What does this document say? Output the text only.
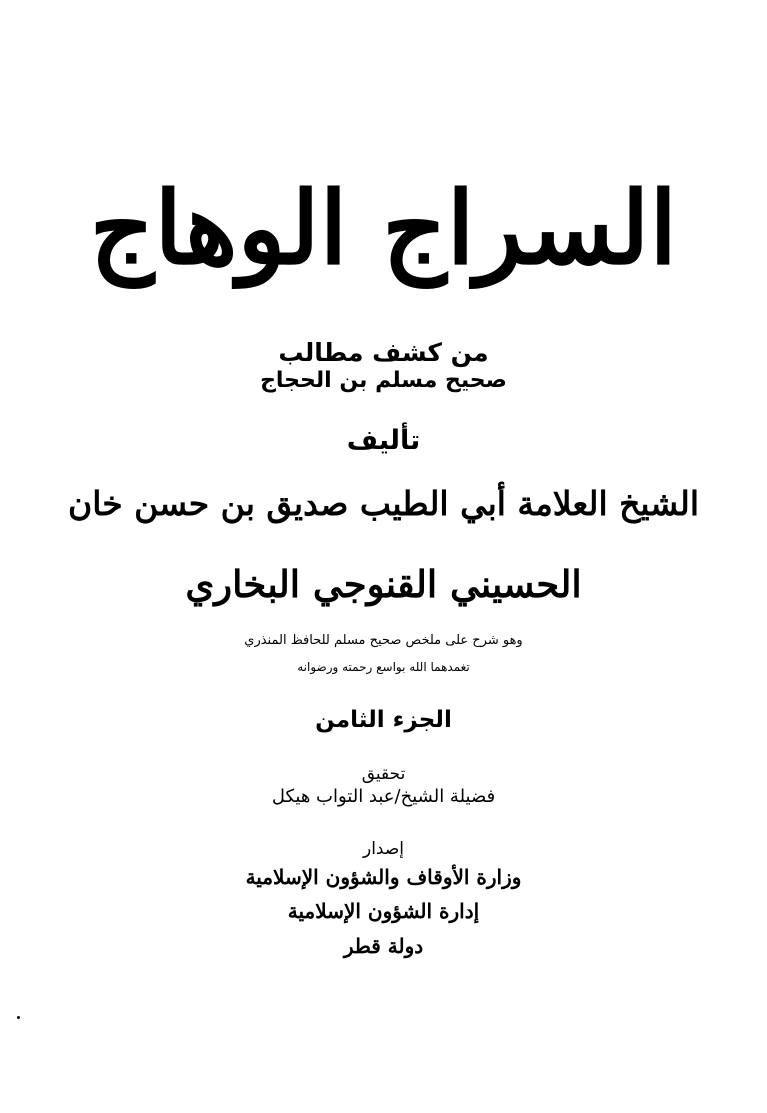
السراج الوهاج
من كشف مطالب
صحيح مسلم بن الحجاج
تأليف
الشيخ العلامة أبي الطيب صديق بن حسن خان
الحسيني القنوجي البخاري
وهو شرح على ملخص صحيح مسلم للحافظ المنذري
تغمدهما الله بواسع رحمته ورضوانه
الجزء الثامن
تحقيق
فضيلة الشيخ/عبد التواب هيكل
إصدار
وزارة الأوقاف والشؤون الإسلامية
إدارة الشؤون الإسلامية
دولة قطر
